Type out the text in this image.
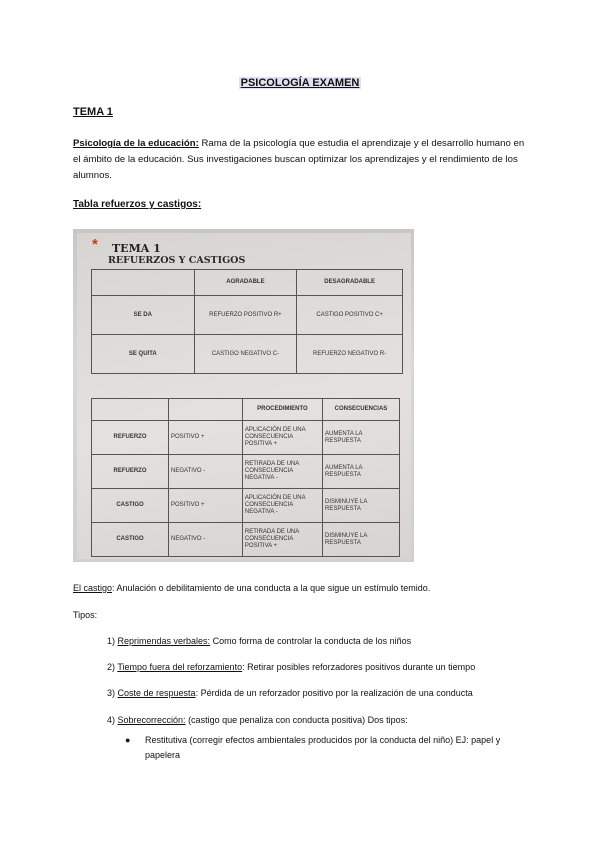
PSICOLOGÍA EXAMEN
TEMA 1
Psicología de la educación: Rama de la psicología que estudia el aprendizaje y el desarrollo humano en el ámbito de la educación. Sus investigaciones buscan optimizar los aprendizajes y el rendimiento de los alumnos.
Tabla refuerzos y castigos:
* TEMA 1
REFUERZOS Y CASTIGOS
	AGRADABLE	DESAGRADABLE
SE DA	REFUERZO POSITIVO R+	CASTIGO POSITIVO C+
SE QUITA	CASTIGO NEGATIVO C-	REFUERZO NEGATIVO R-
		PROCEDIMIENTO	CONSECUENCIAS
REFUERZO	POSITIVO +	APLICACIÓN DE UNA CONSECUENCIA POSITIVA +	AUMENTA LA RESPUESTA
REFUERZO	NEGATIVO -	RETIRADA DE UNA CONSECUENCIA NEGATIVA -	AUMENTA LA RESPUESTA
CASTIGO	POSITIVO +	APLICACIÓN DE UNA CONSECUENCIA NEGATIVA -	DISMINUYE LA RESPUESTA
CASTIGO	NEGATIVO -	RETIRADA DE UNA CONSECUENCIA POSITIVA +	DISMINUYE LA RESPUESTA
El castigo: Anulación o debilitamiento de una conducta a la que sigue un estímulo temido.
Tipos:
1) Reprimendas verbales: Como forma de controlar la conducta de los niños
2) Tiempo fuera del reforzamiento: Retirar posibles reforzadores positivos durante un tiempo
3) Coste de respuesta: Pérdida de un reforzador positivo por la realización de una conducta
4) Sobrecorrección: (castigo que penaliza con conducta positiva) Dos tipos:
● Restitutiva (corregir efectos ambientales producidos por la conducta del niño) EJ: papel y papelera
